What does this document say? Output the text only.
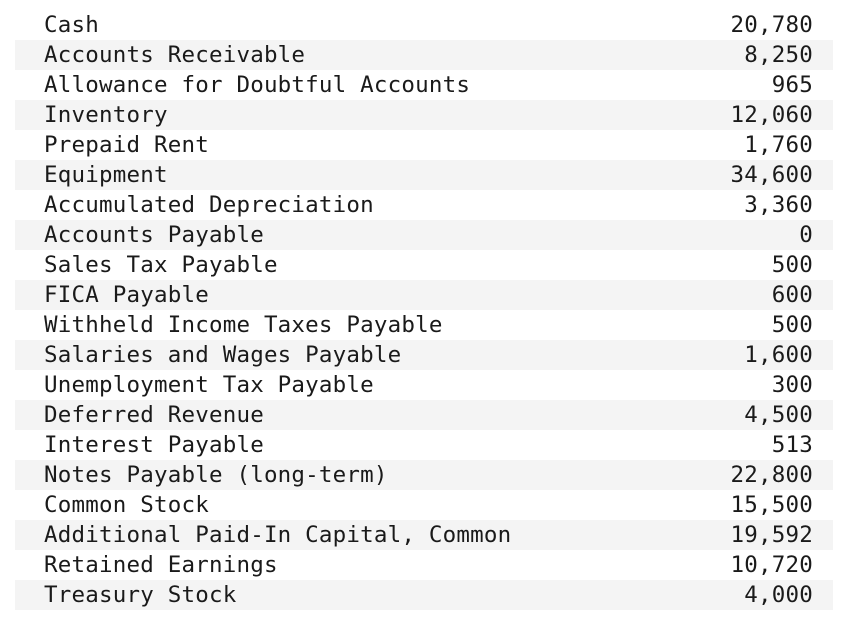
Cash	20,780
Accounts Receivable	8,250
Allowance for Doubtful Accounts	965
Inventory	12,060
Prepaid Rent	1,760
Equipment	34,600
Accumulated Depreciation	3,360
Accounts Payable	0
Sales Tax Payable	500
FICA Payable	600
Withheld Income Taxes Payable	500
Salaries and Wages Payable	1,600
Unemployment Tax Payable	300
Deferred Revenue	4,500
Interest Payable	513
Notes Payable (long-term)	22,800
Common Stock	15,500
Additional Paid-In Capital, Common	19,592
Retained Earnings	10,720
Treasury Stock	4,000
